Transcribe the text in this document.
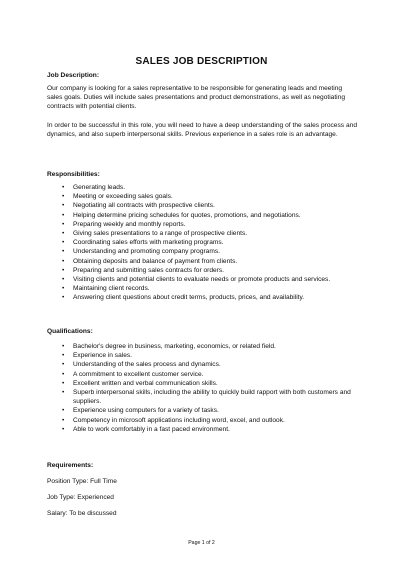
SALES JOB DESCRIPTION

Job Description:

Our company is looking for a sales representative to be responsible for generating leads and meeting sales goals. Duties will include sales presentations and product demonstrations, as well as negotiating contracts with potential clients.

In order to be successful in this role, you will need to have a deep understanding of the sales process and dynamics, and also superb interpersonal skills. Previous experience in a sales role is an advantage.

Responsibilities:

• Generating leads.
• Meeting or exceeding sales goals.
• Negotiating all contracts with prospective clients.
• Helping determine pricing schedules for quotes, promotions, and negotiations.
• Preparing weekly and monthly reports.
• Giving sales presentations to a range of prospective clients.
• Coordinating sales efforts with marketing programs.
• Understanding and promoting company programs.
• Obtaining deposits and balance of payment from clients.
• Preparing and submitting sales contracts for orders.
• Visiting clients and potential clients to evaluate needs or promote products and services.
• Maintaining client records.
• Answering client questions about credit terms, products, prices, and availability.

Qualifications:

• Bachelor's degree in business, marketing, economics, or related field.
• Experience in sales.
• Understanding of the sales process and dynamics.
• A commitment to excellent customer service.
• Excellent written and verbal communication skills.
• Superb interpersonal skills, including the ability to quickly build rapport with both customers and suppliers.
• Experience using computers for a variety of tasks.
• Competency in microsoft applications including word, excel, and outlook.
• Able to work comfortably in a fast paced environment.

Requirements:

Position Type: Full Time

Job Type: Experienced

Salary: To be discussed

Page 1 of 2
